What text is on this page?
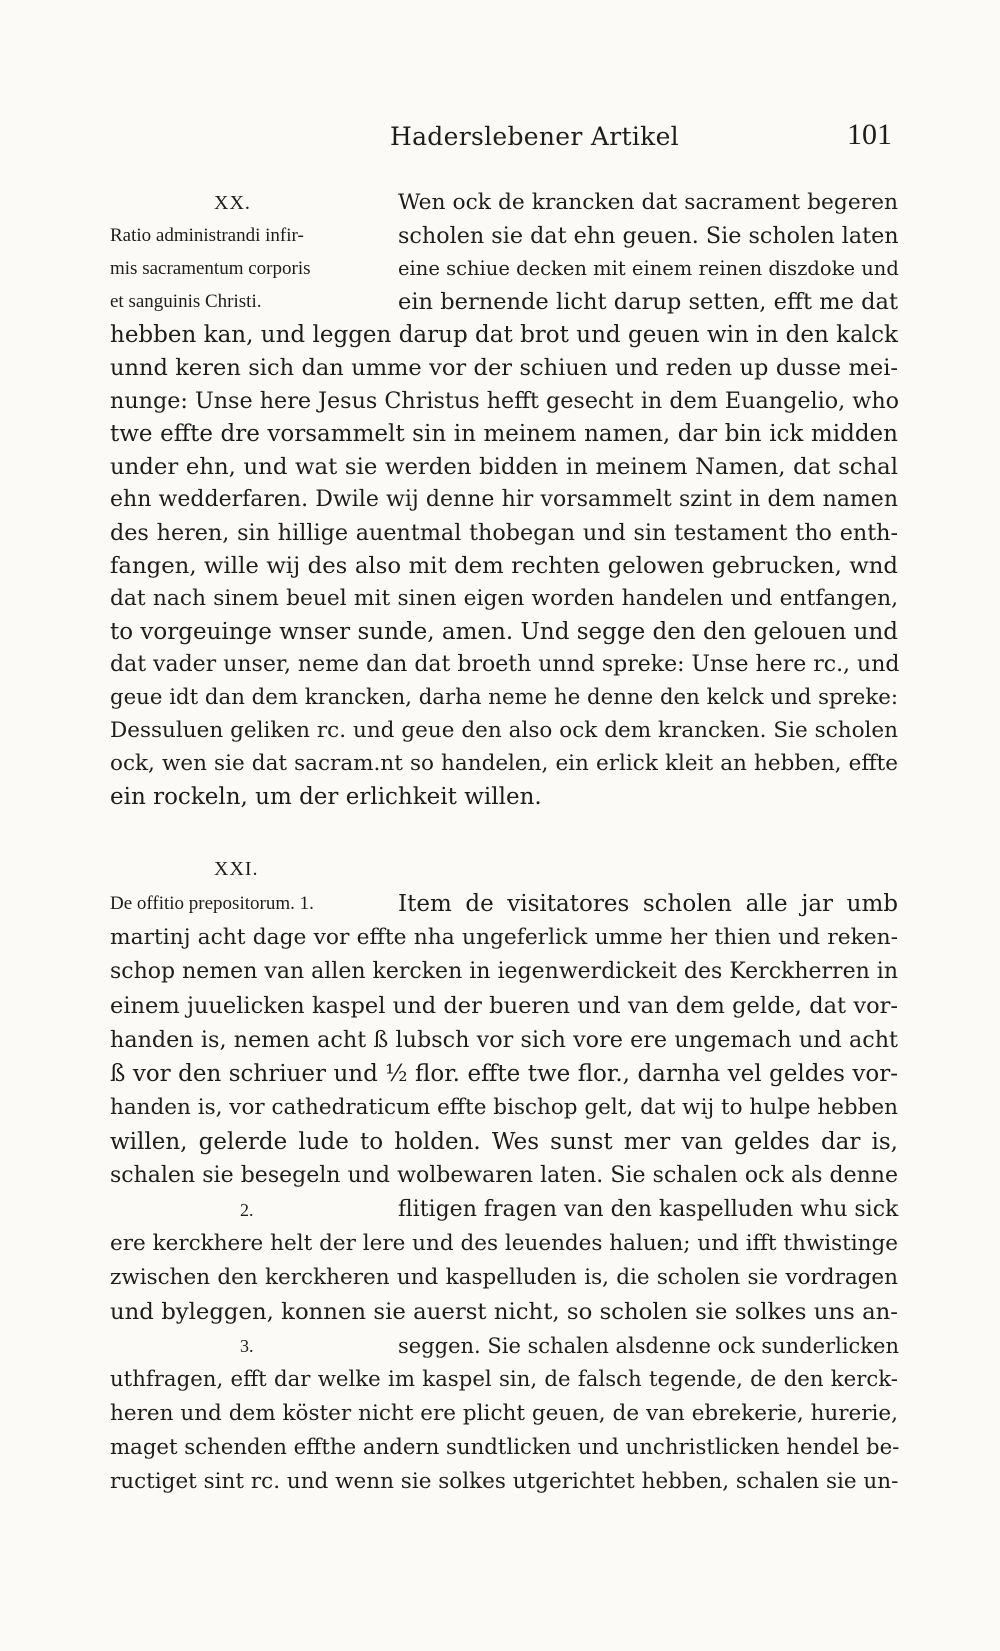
Haderslebener Artikel	101
XX.	Wen ock de krancken dat sacrament begeren
Ratio administrandi infir-	scholen sie dat ehn geuen. Sie scholen laten
mis sacramentum corporis	eine schiue decken mit einem reinen diszdoke und
et sanguinis Christi.	ein bernende licht darup setten, efft me dat
hebben kan, und leggen darup dat brot und geuen win in den kalck
unnd keren sich dan umme vor der schiuen und reden up dusse mei-
nunge: Unse here Jesus Christus hefft gesecht in dem Euangelio, who
twe effte dre vorsammelt sin in meinem namen, dar bin ick midden
under ehn, und wat sie werden bidden in meinem Namen, dat schal
ehn wedderfaren. Dwile wij denne hir vorsammelt szint in dem namen
des heren, sin hillige auentmal thobegan und sin testament tho enth-
fangen, wille wij des also mit dem rechten gelowen gebrucken, wnd
dat nach sinem beuel mit sinen eigen worden handelen und entfangen,
to vorgeuinge wnser sunde, amen. Und segge den den gelouen und
dat vader unser, neme dan dat broeth unnd spreke: Unse here rc., und
geue idt dan dem krancken, darha neme he denne den kelck und spreke:
Dessuluen geliken rc. und geue den also ock dem krancken. Sie scholen
ock, wen sie dat sacram.nt so handelen, ein erlick kleit an hebben, effte
ein rockeln, um der erlichkeit willen.
XXI.
De offitio prepositorum. 1.	Item de visitatores scholen alle jar umb
martinj acht dage vor effte nha ungeferlick umme her thien und reken-
schop nemen van allen kercken in iegenwerdickeit des Kerckherren in
einem juuelicken kaspel und der bueren und van dem gelde, dat vor-
handen is, nemen acht ß lubsch vor sich vore ere ungemach und acht
ß vor den schriuer und ½ flor. effte twe flor., darnha vel geldes vor-
handen is, vor cathedraticum effte bischop gelt, dat wij to hulpe hebben
willen, gelerde lude to holden. Wes sunst mer van geldes dar is,
schalen sie besegeln und wolbewaren laten. Sie schalen ock als denne
2.	flitigen fragen van den kaspelluden whu sick
ere kerckhere helt der lere und des leuendes haluen; und ifft thwistinge
zwischen den kerckheren und kaspelluden is, die scholen sie vordragen
und byleggen, konnen sie auerst nicht, so scholen sie solkes uns an-
3.	seggen. Sie schalen alsdenne ock sunderlicken
uthfragen, efft dar welke im kaspel sin, de falsch tegende, de den kerck-
heren und dem köster nicht ere plicht geuen, de van ebrekerie, hurerie,
maget schenden effthe andern sundtlicken und unchristlicken hendel be-
ructiget sint rc. und wenn sie solkes utgerichtet hebben, schalen sie un-
